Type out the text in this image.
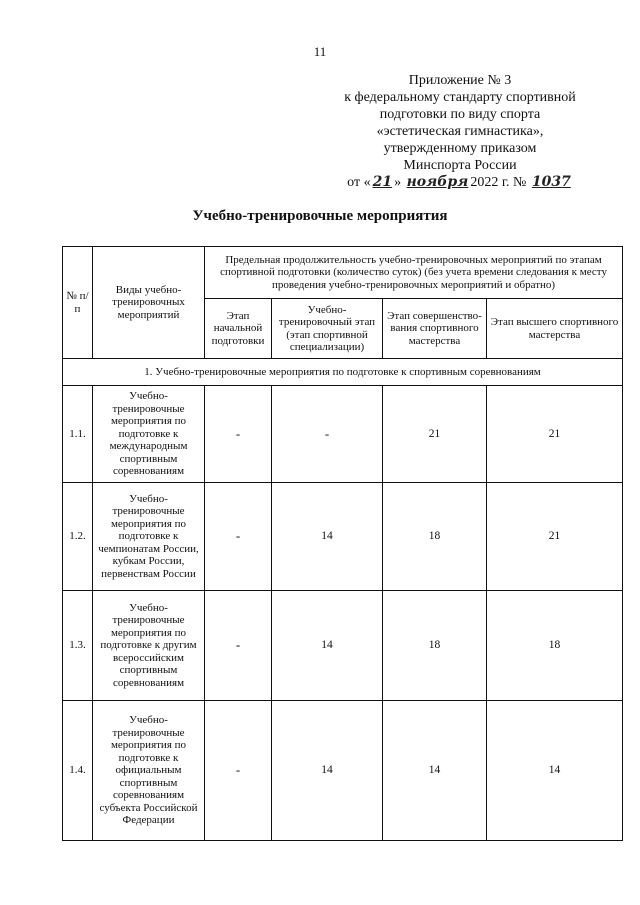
11
Приложение № 3
к федеральному стандарту спортивной
подготовки по виду спорта
«эстетическая гимнастика»,
утвержденному приказом
Минспорта России
от « 21 » ноября 2022 г. № 1037
Учебно-тренировочные мероприятия
№ п/п	Виды учебно-тренировочных мероприятий	Предельная продолжительность учебно-тренировочных мероприятий по этапам спортивной подготовки (количество суток) (без учета времени следования к месту проведения учебно-тренировочных мероприятий и обратно)			
		Этап начальной подготовки	Учебно-тренировочный этап (этап спортивной специализации)	Этап совершенство-вания спортивного мастерства	Этап высшего спортивного мастерства
1. Учебно-тренировочные мероприятия по подготовке к спортивным соревнованиям					
1.1.	Учебно-тренировочные мероприятия по подготовке к международным спортивным соревнованиям	-	-	21	21
1.2.	Учебно-тренировочные мероприятия по подготовке к чемпионатам России, кубкам России, первенствам России	-	14	18	21
1.3.	Учебно-тренировочные мероприятия по подготовке к другим всероссийским спортивным соревнованиям	-	14	18	18
1.4.	Учебно-тренировочные мероприятия по подготовке к официальным спортивным соревнованиям субъекта Российской Федерации	-	14	14	14
